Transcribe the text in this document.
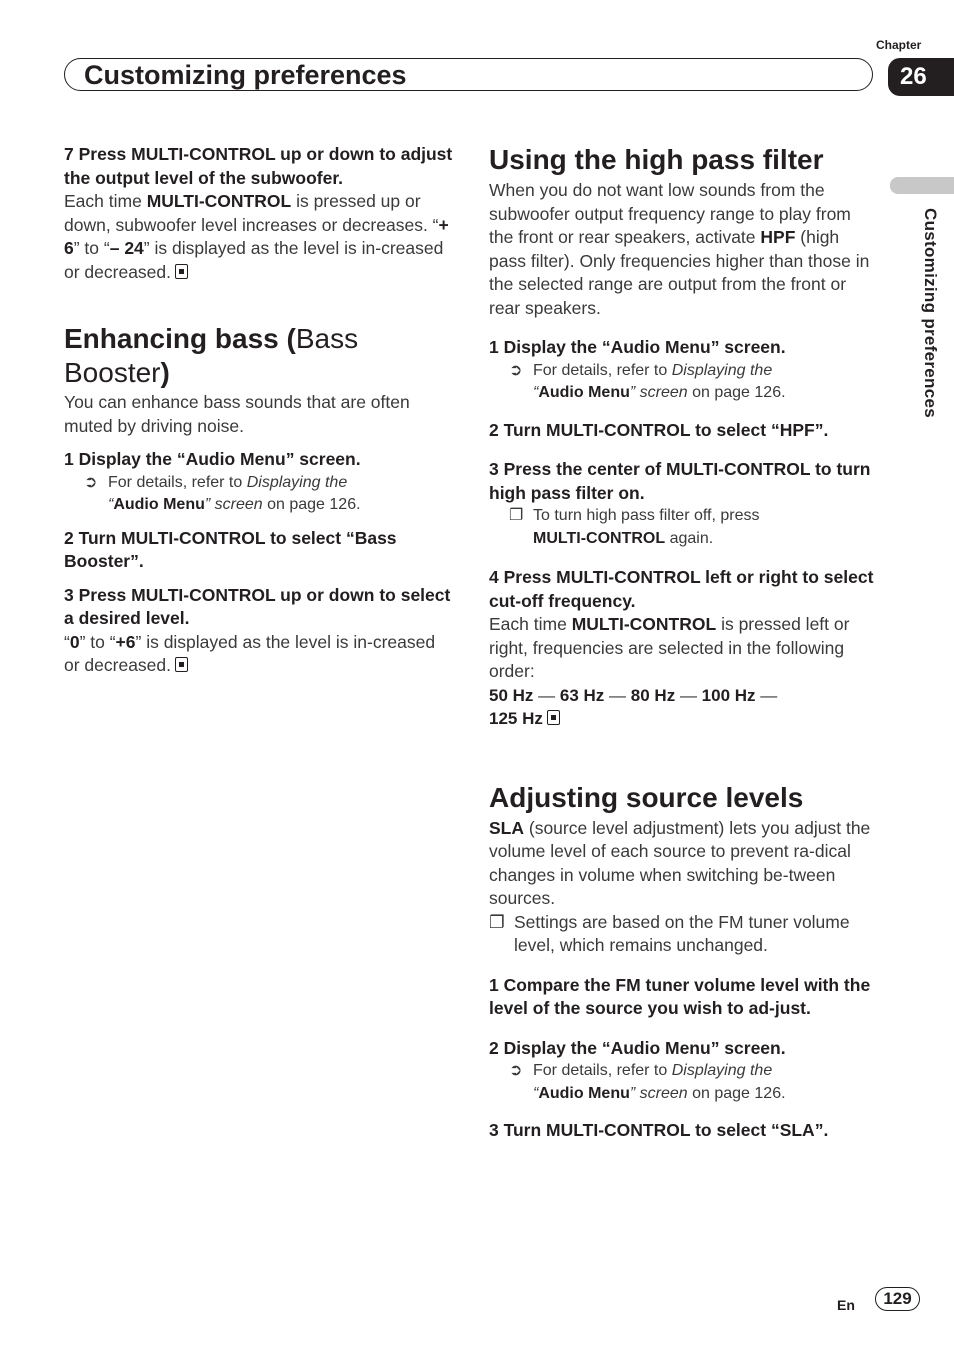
Customizing preferences
Chapter
26
Customizing preferences

7 Press MULTI-CONTROL up or down to adjust the output level of the subwoofer.

Each time MULTI-CONTROL is pressed up or down, subwoofer level increases or decreases. “+ 6” to “– 24” is displayed as the level is in-creased or decreased.

Enhancing bass (Bass Booster)

You can enhance bass sounds that are often muted by driving noise.

1 Display the “Audio Menu” screen.

➲ For details, refer to Displaying the
“Audio Menu” screen on page 126.

2 Turn MULTI-CONTROL to select “Bass Booster”.

3 Press MULTI-CONTROL up or down to select a desired level.

“0” to “+6” is displayed as the level is in-creased or decreased.

Using the high pass filter

When you do not want low sounds from the subwoofer output frequency range to play from the front or rear speakers, activate HPF (high pass filter). Only frequencies higher than those in the selected range are output from the front or rear speakers.

1 Display the “Audio Menu” screen.

➲ For details, refer to Displaying the
“Audio Menu” screen on page 126.

2 Turn MULTI-CONTROL to select “HPF”.

3 Press the center of MULTI-CONTROL to turn high pass filter on.

❐ To turn high pass filter off, press
MULTI-CONTROL again.

4 Press MULTI-CONTROL left or right to select cut-off frequency.

Each time MULTI-CONTROL is pressed left or right, frequencies are selected in the following order:

50 Hz — 63 Hz — 80 Hz — 100 Hz —
125 Hz

Adjusting source levels

SLA (source level adjustment) lets you adjust the volume level of each source to prevent ra-dical changes in volume when switching be-tween sources.

❐ Settings are based on the FM tuner volume level, which remains unchanged.

1 Compare the FM tuner volume level with the level of the source you wish to ad-just.

2 Display the “Audio Menu” screen.

➲ For details, refer to Displaying the
“Audio Menu” screen on page 126.

3 Turn MULTI-CONTROL to select “SLA”.

En	129
